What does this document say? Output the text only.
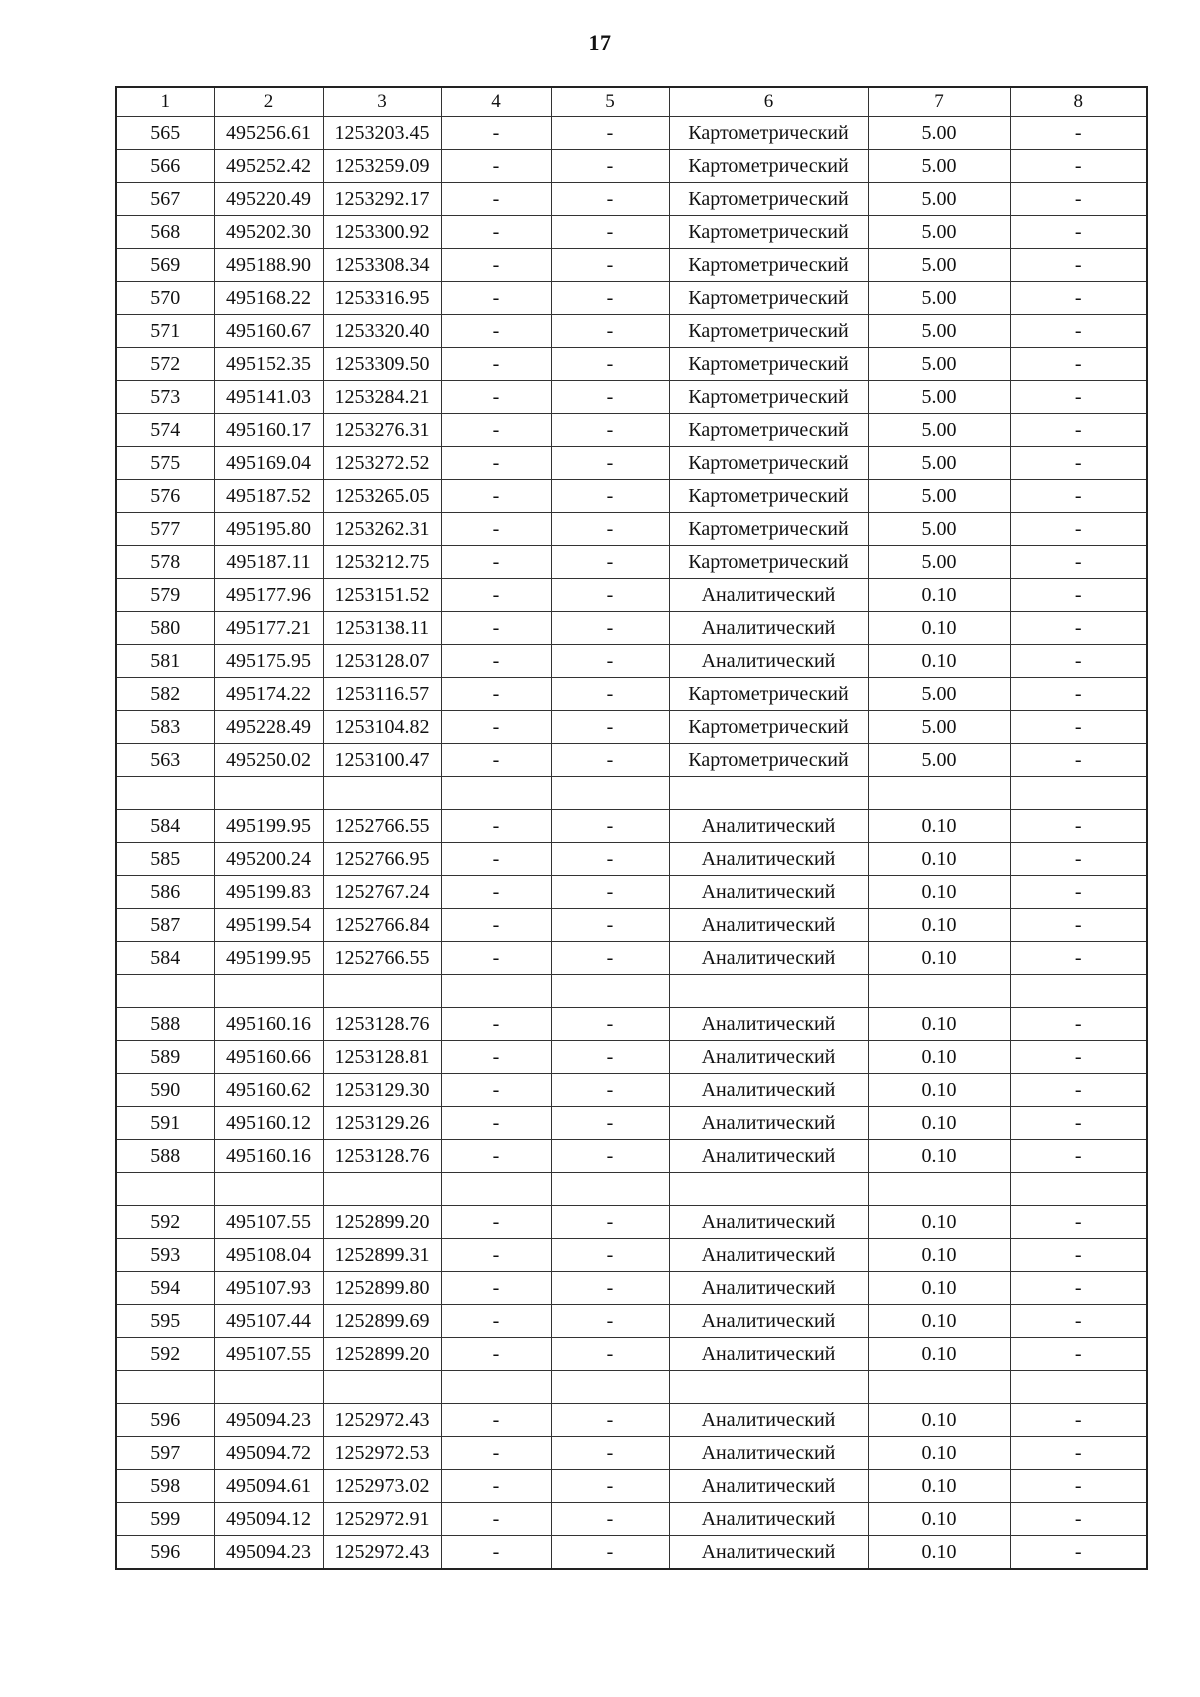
17
1	2	3	4	5	6	7	8
565	495256.61	1253203.45	-	-	Картометрический	5.00	-
566	495252.42	1253259.09	-	-	Картометрический	5.00	-
567	495220.49	1253292.17	-	-	Картометрический	5.00	-
568	495202.30	1253300.92	-	-	Картометрический	5.00	-
569	495188.90	1253308.34	-	-	Картометрический	5.00	-
570	495168.22	1253316.95	-	-	Картометрический	5.00	-
571	495160.67	1253320.40	-	-	Картометрический	5.00	-
572	495152.35	1253309.50	-	-	Картометрический	5.00	-
573	495141.03	1253284.21	-	-	Картометрический	5.00	-
574	495160.17	1253276.31	-	-	Картометрический	5.00	-
575	495169.04	1253272.52	-	-	Картометрический	5.00	-
576	495187.52	1253265.05	-	-	Картометрический	5.00	-
577	495195.80	1253262.31	-	-	Картометрический	5.00	-
578	495187.11	1253212.75	-	-	Картометрический	5.00	-
579	495177.96	1253151.52	-	-	Аналитический	0.10	-
580	495177.21	1253138.11	-	-	Аналитический	0.10	-
581	495175.95	1253128.07	-	-	Аналитический	0.10	-
582	495174.22	1253116.57	-	-	Картометрический	5.00	-
583	495228.49	1253104.82	-	-	Картометрический	5.00	-
563	495250.02	1253100.47	-	-	Картометрический	5.00	-

584	495199.95	1252766.55	-	-	Аналитический	0.10	-
585	495200.24	1252766.95	-	-	Аналитический	0.10	-
586	495199.83	1252767.24	-	-	Аналитический	0.10	-
587	495199.54	1252766.84	-	-	Аналитический	0.10	-
584	495199.95	1252766.55	-	-	Аналитический	0.10	-

588	495160.16	1253128.76	-	-	Аналитический	0.10	-
589	495160.66	1253128.81	-	-	Аналитический	0.10	-
590	495160.62	1253129.30	-	-	Аналитический	0.10	-
591	495160.12	1253129.26	-	-	Аналитический	0.10	-
588	495160.16	1253128.76	-	-	Аналитический	0.10	-

592	495107.55	1252899.20	-	-	Аналитический	0.10	-
593	495108.04	1252899.31	-	-	Аналитический	0.10	-
594	495107.93	1252899.80	-	-	Аналитический	0.10	-
595	495107.44	1252899.69	-	-	Аналитический	0.10	-
592	495107.55	1252899.20	-	-	Аналитический	0.10	-

596	495094.23	1252972.43	-	-	Аналитический	0.10	-
597	495094.72	1252972.53	-	-	Аналитический	0.10	-
598	495094.61	1252973.02	-	-	Аналитический	0.10	-
599	495094.12	1252972.91	-	-	Аналитический	0.10	-
596	495094.23	1252972.43	-	-	Аналитический	0.10	-
